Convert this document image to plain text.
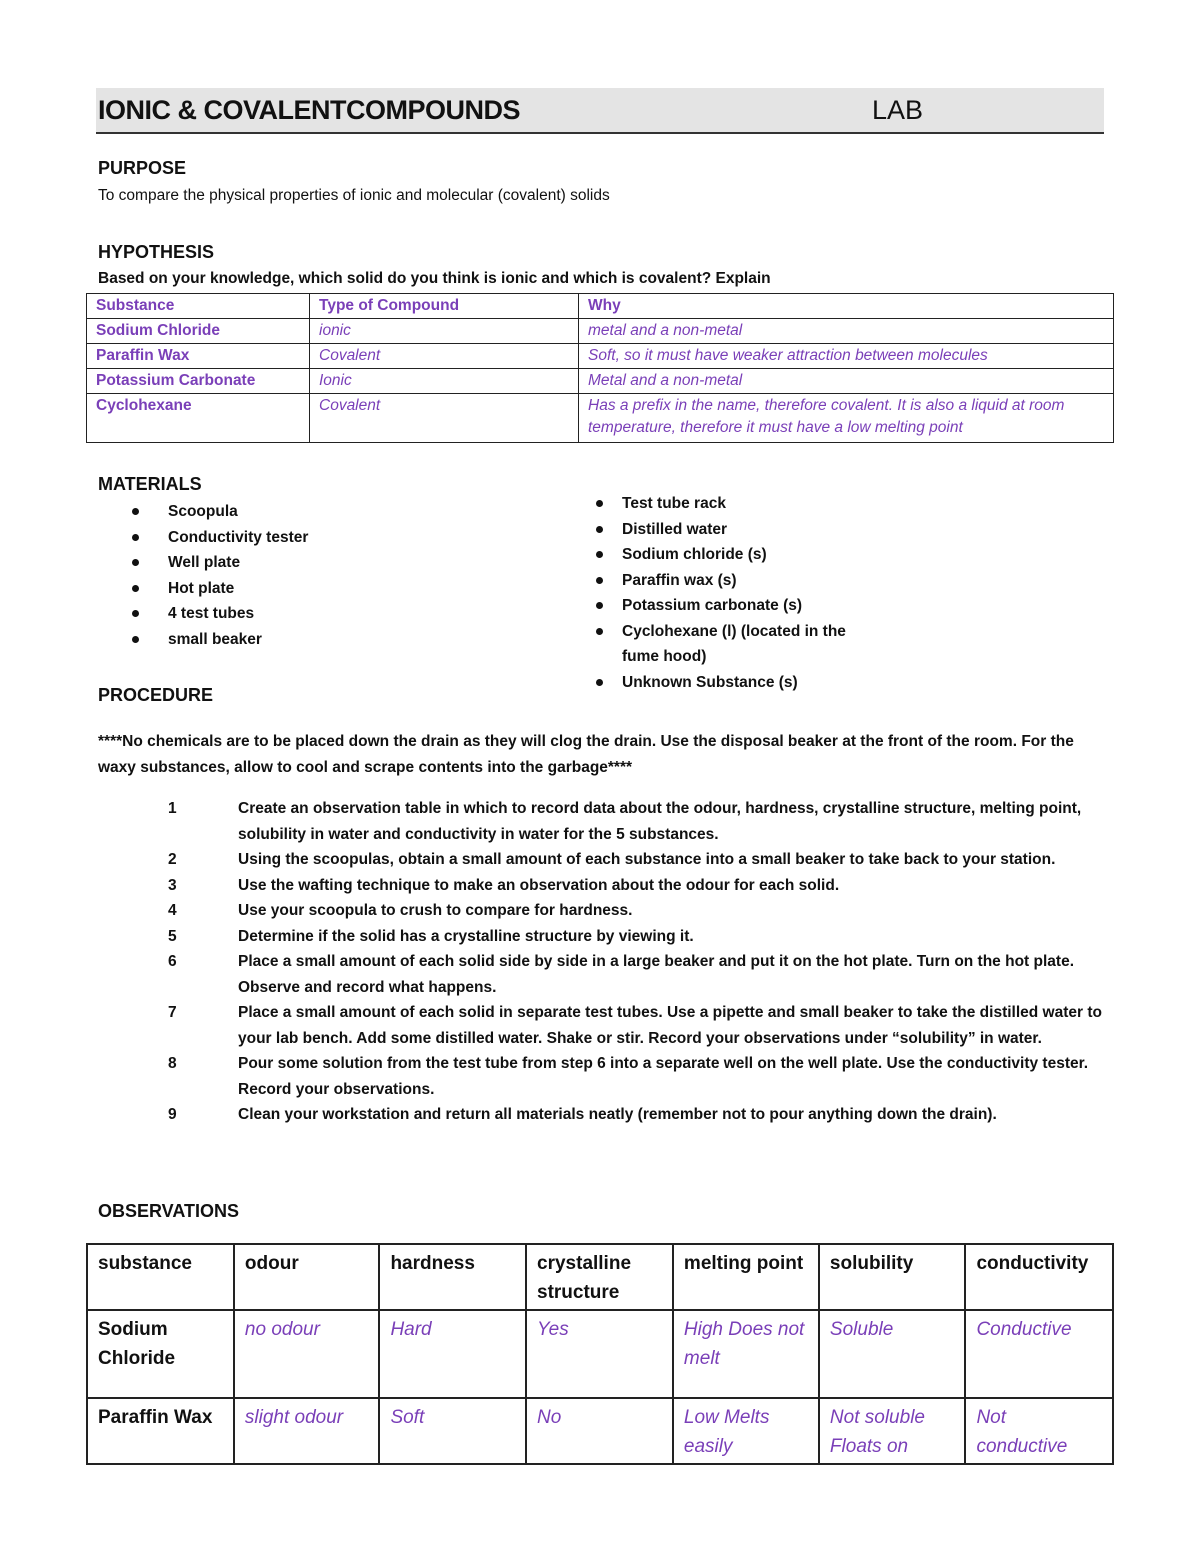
IONIC & COVALENTCOMPOUNDS	LAB
PURPOSE
To compare the physical properties of ionic and molecular (covalent) solids
HYPOTHESIS
Based on your knowledge, which solid do you think is ionic and which is covalent? Explain
Substance	Type of Compound	Why
Sodium Chloride	ionic	metal and a non-metal
Paraffin Wax	Covalent	Soft, so it must have weaker attraction between molecules
Potassium Carbonate	Ionic	Metal and a non-metal
Cyclohexane	Covalent	Has a prefix in the name, therefore covalent. It is also a liquid at room temperature, therefore it must have a low melting point
MATERIALS
Scoopula
Conductivity tester
Well plate
Hot plate
4 test tubes
small beaker
Test tube rack
Distilled water
Sodium chloride (s)
Paraffin wax (s)
Potassium carbonate (s)
Cyclohexane (l) (located in the fume hood)
Unknown Substance (s)
PROCEDURE
****No chemicals are to be placed down the drain as they will clog the drain. Use the disposal beaker at the front of the room. For the waxy substances, allow to cool and scrape contents into the garbage****
1	Create an observation table in which to record data about the odour, hardness, crystalline structure, melting point, solubility in water and conductivity in water for the 5 substances.
2	Using the scoopulas, obtain a small amount of each substance into a small beaker to take back to your station.
3	Use the wafting technique to make an observation about the odour for each solid.
4	Use your scoopula to crush to compare for hardness.
5	Determine if the solid has a crystalline structure by viewing it.
6	Place a small amount of each solid side by side in a large beaker and put it on the hot plate. Turn on the hot plate. Observe and record what happens.
7	Place a small amount of each solid in separate test tubes. Use a pipette and small beaker to take the distilled water to your lab bench. Add some distilled water. Shake or stir. Record your observations under “solubility” in water.
8	Pour some solution from the test tube from step 6 into a separate well on the well plate. Use the conductivity tester. Record your observations.
9	Clean your workstation and return all materials neatly (remember not to pour anything down the drain).
OBSERVATIONS
substance	odour	hardness	crystalline structure	melting point	solubility	conductivity
Sodium Chloride	no odour	Hard	Yes	High Does not melt	Soluble	Conductive
Paraffin Wax	slight odour	Soft	No	Low Melts easily	Not soluble Floats on	Not conductive
